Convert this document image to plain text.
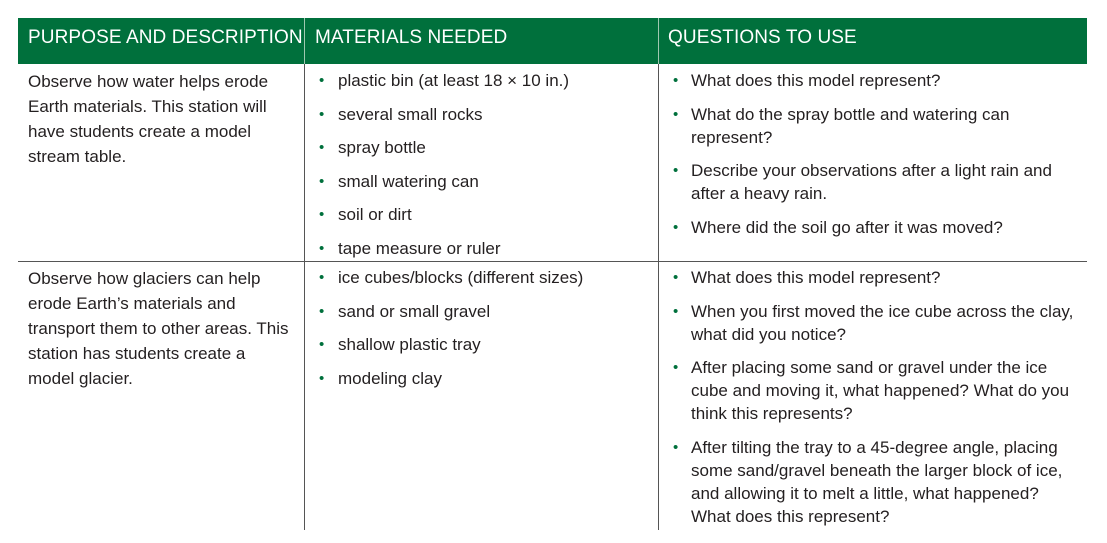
PURPOSE AND DESCRIPTION MATERIALS NEEDED	QUESTIONS TO USE
Observe how water helps erode Earth materials. This station will have students create a model stream table.
• plastic bin (at least 18 × 10 in.)
• several small rocks
• spray bottle
• small watering can
• soil or dirt
• tape measure or ruler
• What does this model represent?
• What do the spray bottle and watering can represent?
• Describe your observations after a light rain and after a heavy rain.
• Where did the soil go after it was moved?
Observe how glaciers can help erode Earth’s materials and transport them to other areas. This station has students create a model glacier.
• ice cubes/blocks (different sizes)
• sand or small gravel
• shallow plastic tray
• modeling clay
• What does this model represent?
• When you first moved the ice cube across the clay, what did you notice?
• After placing some sand or gravel under the ice cube and moving it, what happened? What do you think this represents?
• After tilting the tray to a 45-degree angle, placing some sand/gravel beneath the larger block of ice, and allowing it to melt a little, what happened? What does this represent?
